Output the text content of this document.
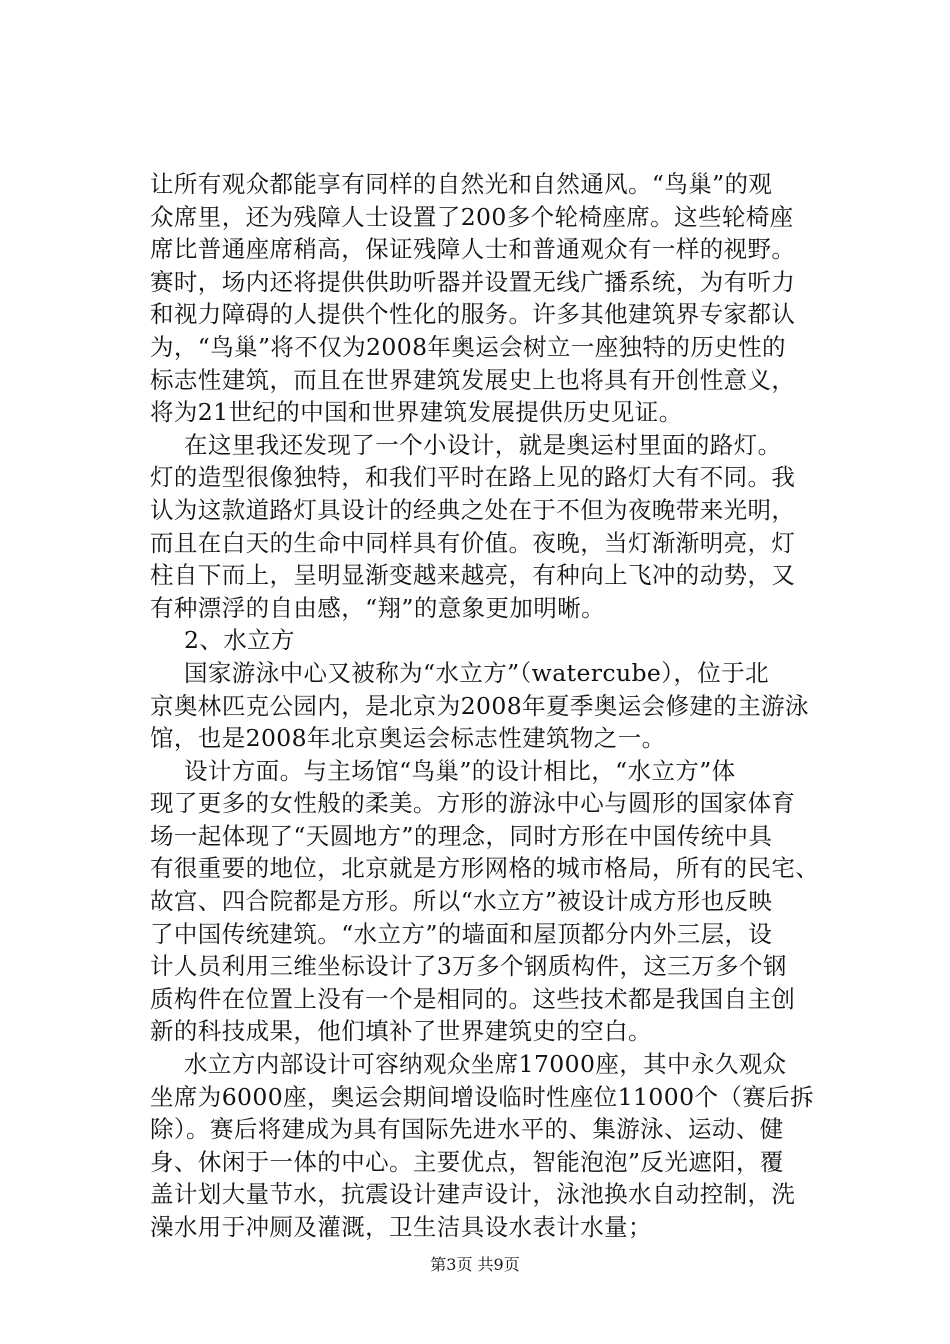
让所有观众都能享有同样的自然光和自然通风。“鸟巢”的观
众席里，还为残障人士设置了200多个轮椅座席。这些轮椅座
席比普通座席稍高，保证残障人士和普通观众有一样的视野。
赛时，场内还将提供供助听器并设置无线广播系统，为有听力
和视力障碍的人提供个性化的服务。许多其他建筑界专家都认
为，“鸟巢”将不仅为2008年奥运会树立一座独特的历史性的
标志性建筑，而且在世界建筑发展史上也将具有开创性意义，
将为21世纪的中国和世界建筑发展提供历史见证。
在这里我还发现了一个小设计，就是奥运村里面的路灯。
灯的造型很像独特，和我们平时在路上见的路灯大有不同。我
认为这款道路灯具设计的经典之处在于不但为夜晚带来光明，
而且在白天的生命中同样具有价值。夜晚，当灯渐渐明亮，灯
柱自下而上，呈明显渐变越来越亮，有种向上飞冲的动势，又
有种漂浮的自由感，“翔”的意象更加明晰。
2、水立方
国家游泳中心又被称为“水立方”（watercube），位于北
京奥林匹克公园内，是北京为2008年夏季奥运会修建的主游泳
馆，也是2008年北京奥运会标志性建筑物之一。
设计方面。与主场馆“鸟巢”的设计相比，“水立方”体
现了更多的女性般的柔美。方形的游泳中心与圆形的国家体育
场一起体现了“天圆地方”的理念，同时方形在中国传统中具
有很重要的地位，北京就是方形网格的城市格局，所有的民宅、
故宫、四合院都是方形。所以“水立方”被设计成方形也反映
了中国传统建筑。“水立方”的墙面和屋顶都分内外三层，设
计人员利用三维坐标设计了3万多个钢质构件，这三万多个钢
质构件在位置上没有一个是相同的。这些技术都是我国自主创
新的科技成果，他们填补了世界建筑史的空白。
水立方内部设计可容纳观众坐席17000座，其中永久观众
坐席为6000座，奥运会期间增设临时性座位11000个（赛后拆
除）。赛后将建成为具有国际先进水平的、集游泳、运动、健
身、休闲于一体的中心。主要优点，智能泡泡”反光遮阳，覆
盖计划大量节水，抗震设计建声设计，泳池换水自动控制，洗
澡水用于冲厕及灌溉，卫生洁具设水表计水量；
第3页 共9页
